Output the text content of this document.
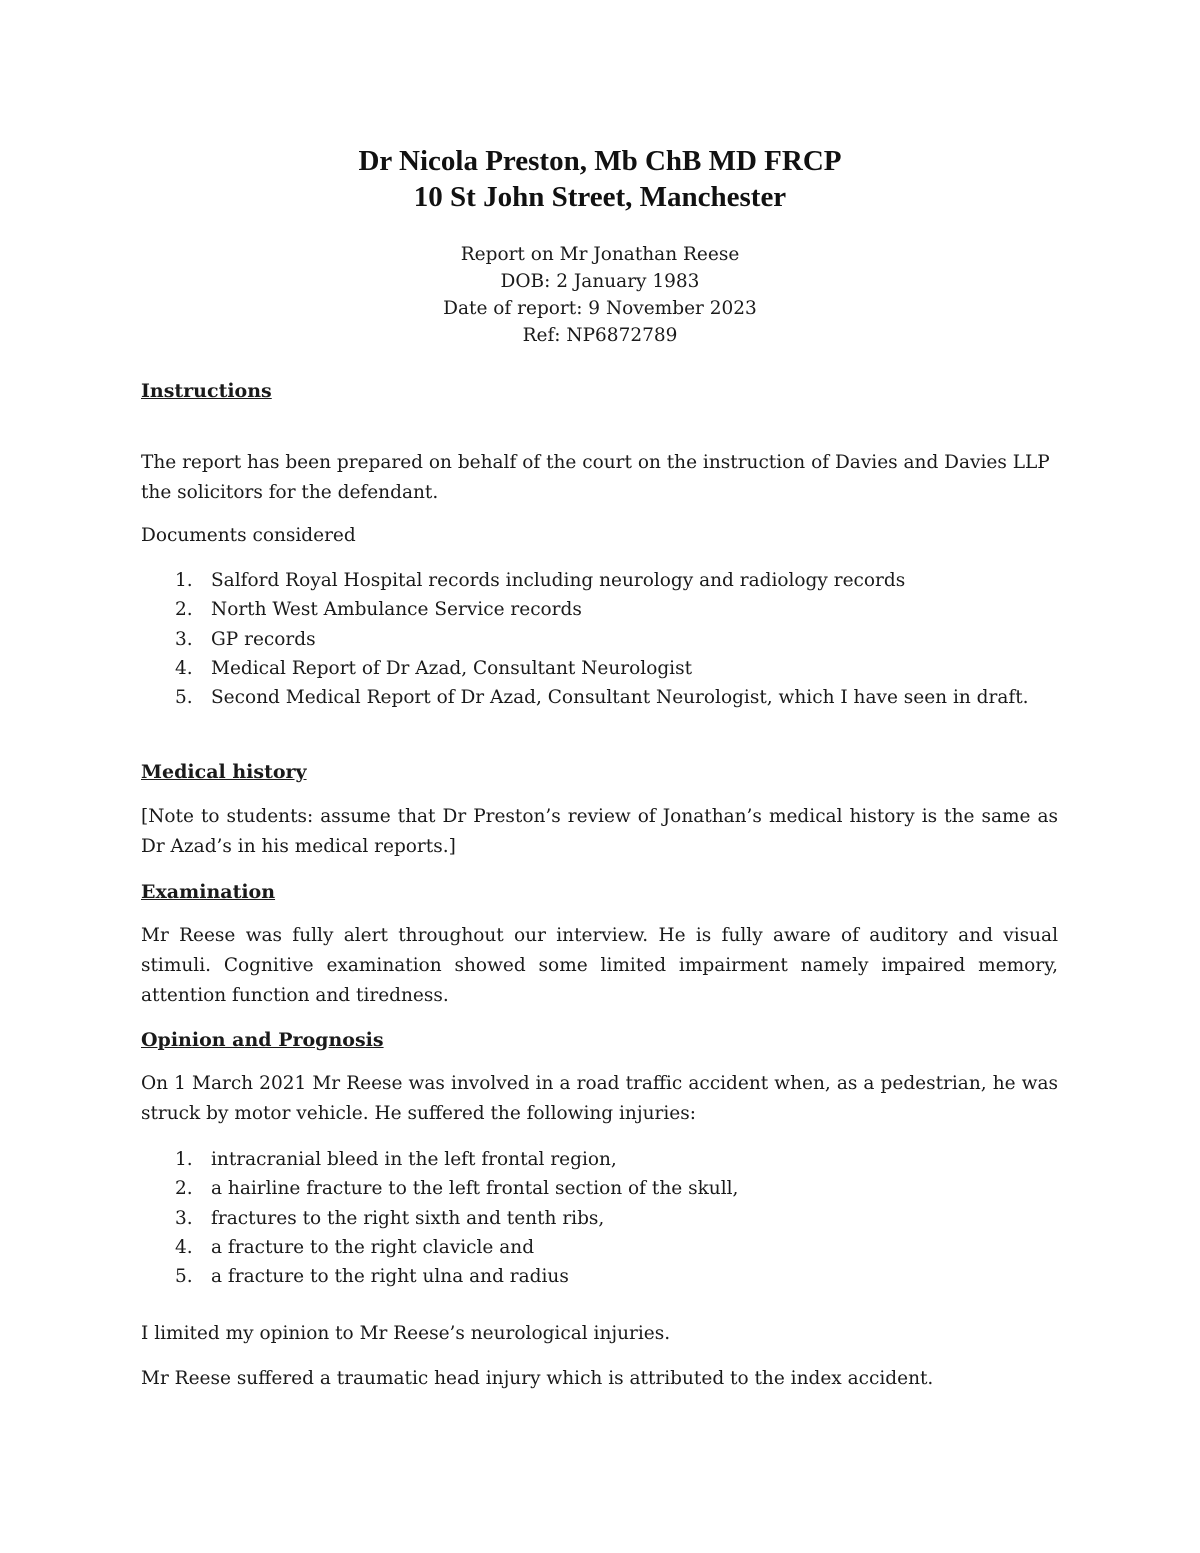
Dr Nicola Preston, Mb ChB MD FRCP
10 St John Street, Manchester
Report on Mr Jonathan Reese
DOB: 2 January 1983
Date of report: 9 November 2023
Ref: NP6872789
Instructions
The report has been prepared on behalf of the court on the instruction of Davies and Davies LLP the solicitors for the defendant.
Documents considered
1. Salford Royal Hospital records including neurology and radiology records
2. North West Ambulance Service records
3. GP records
4. Medical Report of Dr Azad, Consultant Neurologist
5. Second Medical Report of Dr Azad, Consultant Neurologist, which I have seen in draft.
Medical history
[Note to students: assume that Dr Preston’s review of Jonathan’s medical history is the same as Dr Azad’s in his medical reports.]
Examination
Mr Reese was fully alert throughout our interview. He is fully aware of auditory and visual stimuli. Cognitive examination showed some limited impairment namely impaired memory, attention function and tiredness.
Opinion and Prognosis
On 1 March 2021 Mr Reese was involved in a road traffic accident when, as a pedestrian, he was struck by motor vehicle. He suffered the following injuries:
1. intracranial bleed in the left frontal region,
2. a hairline fracture to the left frontal section of the skull,
3. fractures to the right sixth and tenth ribs,
4. a fracture to the right clavicle and
5. a fracture to the right ulna and radius
I limited my opinion to Mr Reese’s neurological injuries.
Mr Reese suffered a traumatic head injury which is attributed to the index accident.
